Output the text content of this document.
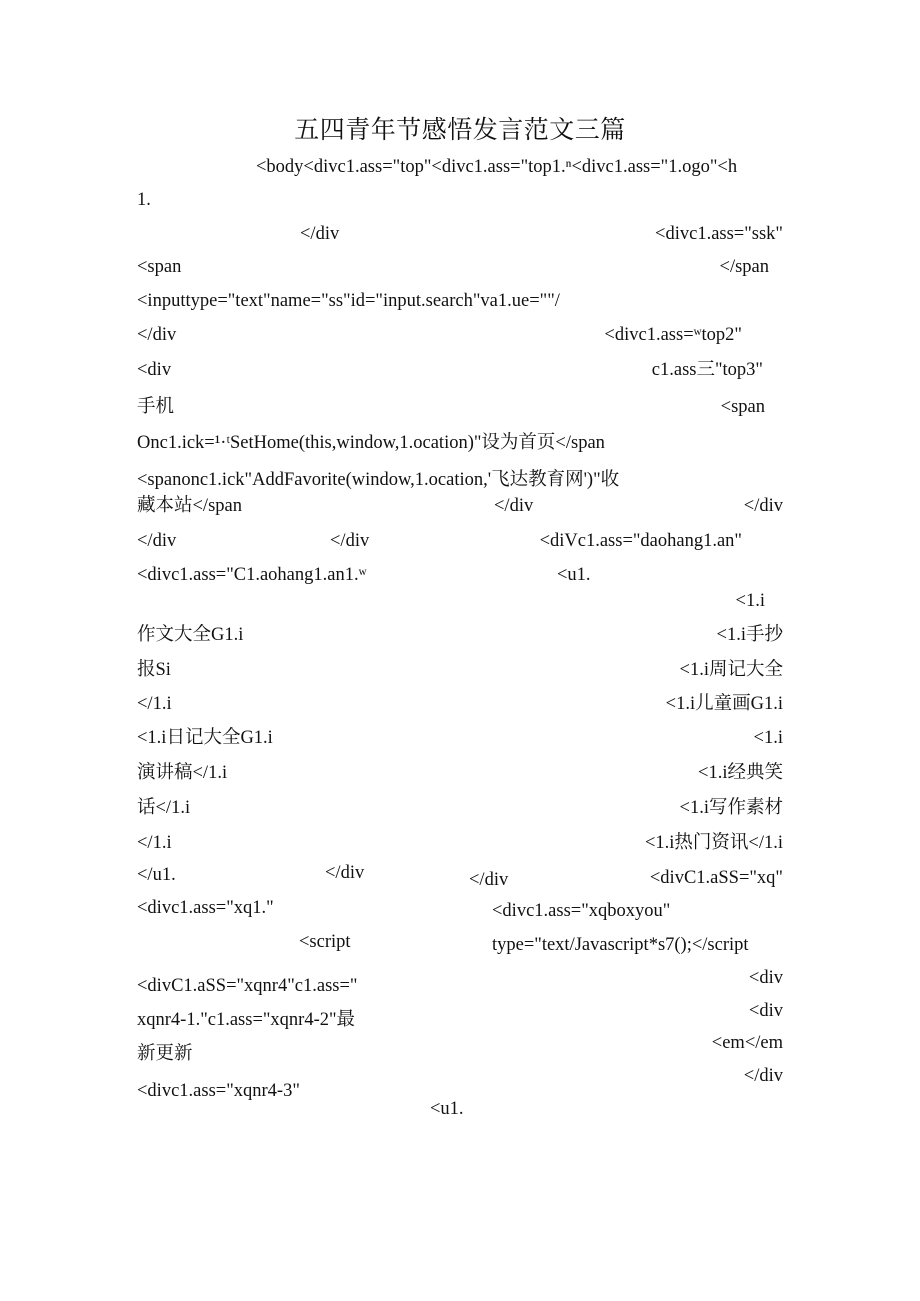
五四青年节感悟发言范文三篇
<body<divc1.ass="top"<divc1.ass="top1.ⁿ<divc1.ass="1.ogo"<h
1.
</div	<divc1.ass="ssk"
<span	</span
<inputtype="text"name="ss"id="input.search"va1.ue=""/
</div	<divc1.ass=ʷtop2"
<div	c1.ass三"top3"
手机	<span
Onc1.ick=¹·ᵗSetHome(this,window,1.ocation)"设为首页</span
<spanonc1.ick"AddFavorite(window,1.ocation,'飞达教育网')"收
藏本站</span	</div	</div
</div	</div	<diVc1.ass="daohang1.an"
<divc1.ass="C1.aohang1.an1.ʷ	<u1.
<1.i
作文大全G1.i	<1.i手抄
报Si	<1.i周记大全
</1.i	<1.i儿童画G1.i
<1.i日记大全G1.i	<1.i
演讲稿</1.i	<1.i经典笑
话</1.i	<1.i写作素材
</1.i	<1.i热门资讯</1.i
</u1.	</div	</div	<divC1.aSS="xq"
<divc1.ass="xq1."	<divc1.ass="xqboxyou"
<script	type="text/Javascript*s7();</script
<div
<divC1.aSS="xqnr4"c1.ass="
<div
xqnr4-1."c1.ass="xqnr4-2"最
<em</em
新更新
</div
<divc1.ass="xqnr4-3"
<u1.
